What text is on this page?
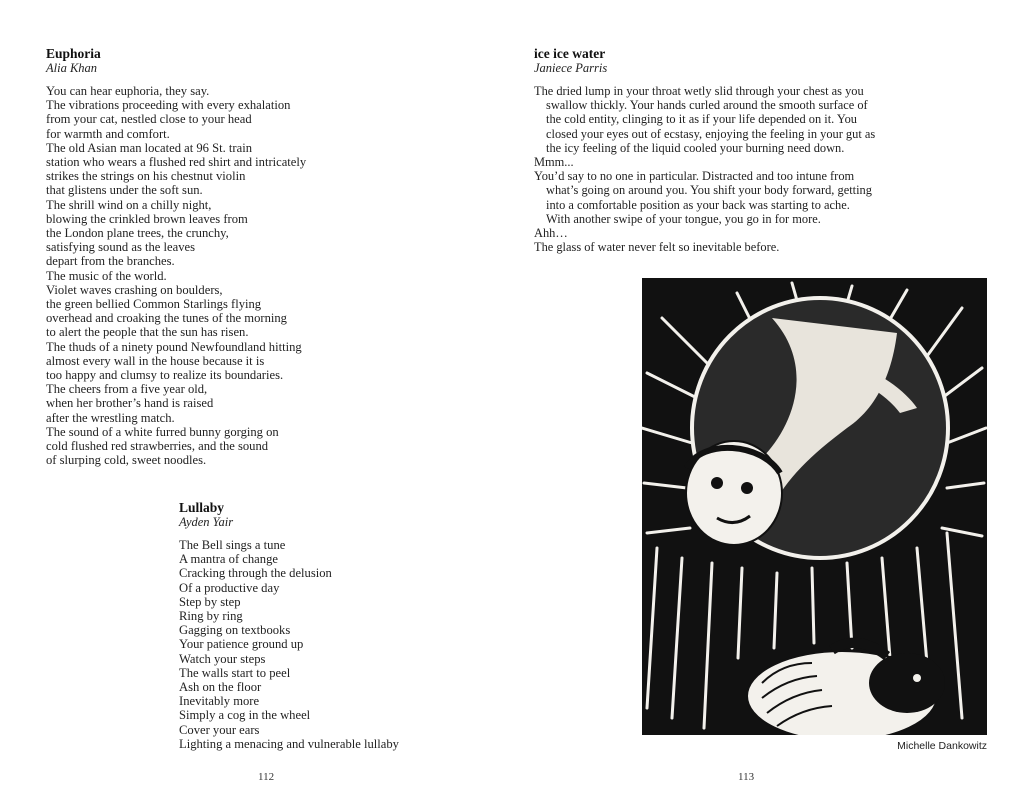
Euphoria

Alia Khan

You can hear euphoria, they say.
The vibrations proceeding with every exhalation
from your cat, nestled close to your head
for warmth and comfort.
The old Asian man located at 96 St. train
station who wears a flushed red shirt and intricately
strikes the strings on his chestnut violin
that glistens under the soft sun.
The shrill wind on a chilly night,
blowing the crinkled brown leaves from
the London plane trees, the crunchy,
satisfying sound as the leaves
depart from the branches.
The music of the world.
Violet waves crashing on boulders,
the green bellied Common Starlings flying
overhead and croaking the tunes of the morning
to alert the people that the sun has risen.
The thuds of a ninety pound Newfoundland hitting
almost every wall in the house because it is
too happy and clumsy to realize its boundaries.
The cheers from a five year old,
when her brother’s hand is raised
after the wrestling match.
The sound of a white furred bunny gorging on
cold flushed red strawberries, and the sound
of slurping cold, sweet noodles.

Lullaby

Ayden Yair

The Bell sings a tune
A mantra of change
Cracking through the delusion
Of a productive day
Step by step
Ring by ring
Gagging on textbooks
Your patience ground up
Watch your steps
The walls start to peel
Ash on the floor
Inevitably more
Simply a cog in the wheel
Cover your ears
Lighting a menacing and vulnerable lullaby
112

ice ice water

Janiece Parris

The dried lump in your throat wetly slid through your chest as you
swallow thickly. Your hands curled around the smooth surface of
the cold entity, clinging to it as if your life depended on it. You
closed your eyes out of ecstasy, enjoying the feeling in your gut as
the icy feeling of the liquid cooled your burning need down.
Mmm...
You’d say to no one in particular. Distracted and too intune from
what’s going on around you. You shift your body forward, getting
into a comfortable position as your back was starting to ache.
With another swipe of your tongue, you go in for more.
Ahh…
The glass of water never felt so inevitable before.
Michelle Dankowitz
113
